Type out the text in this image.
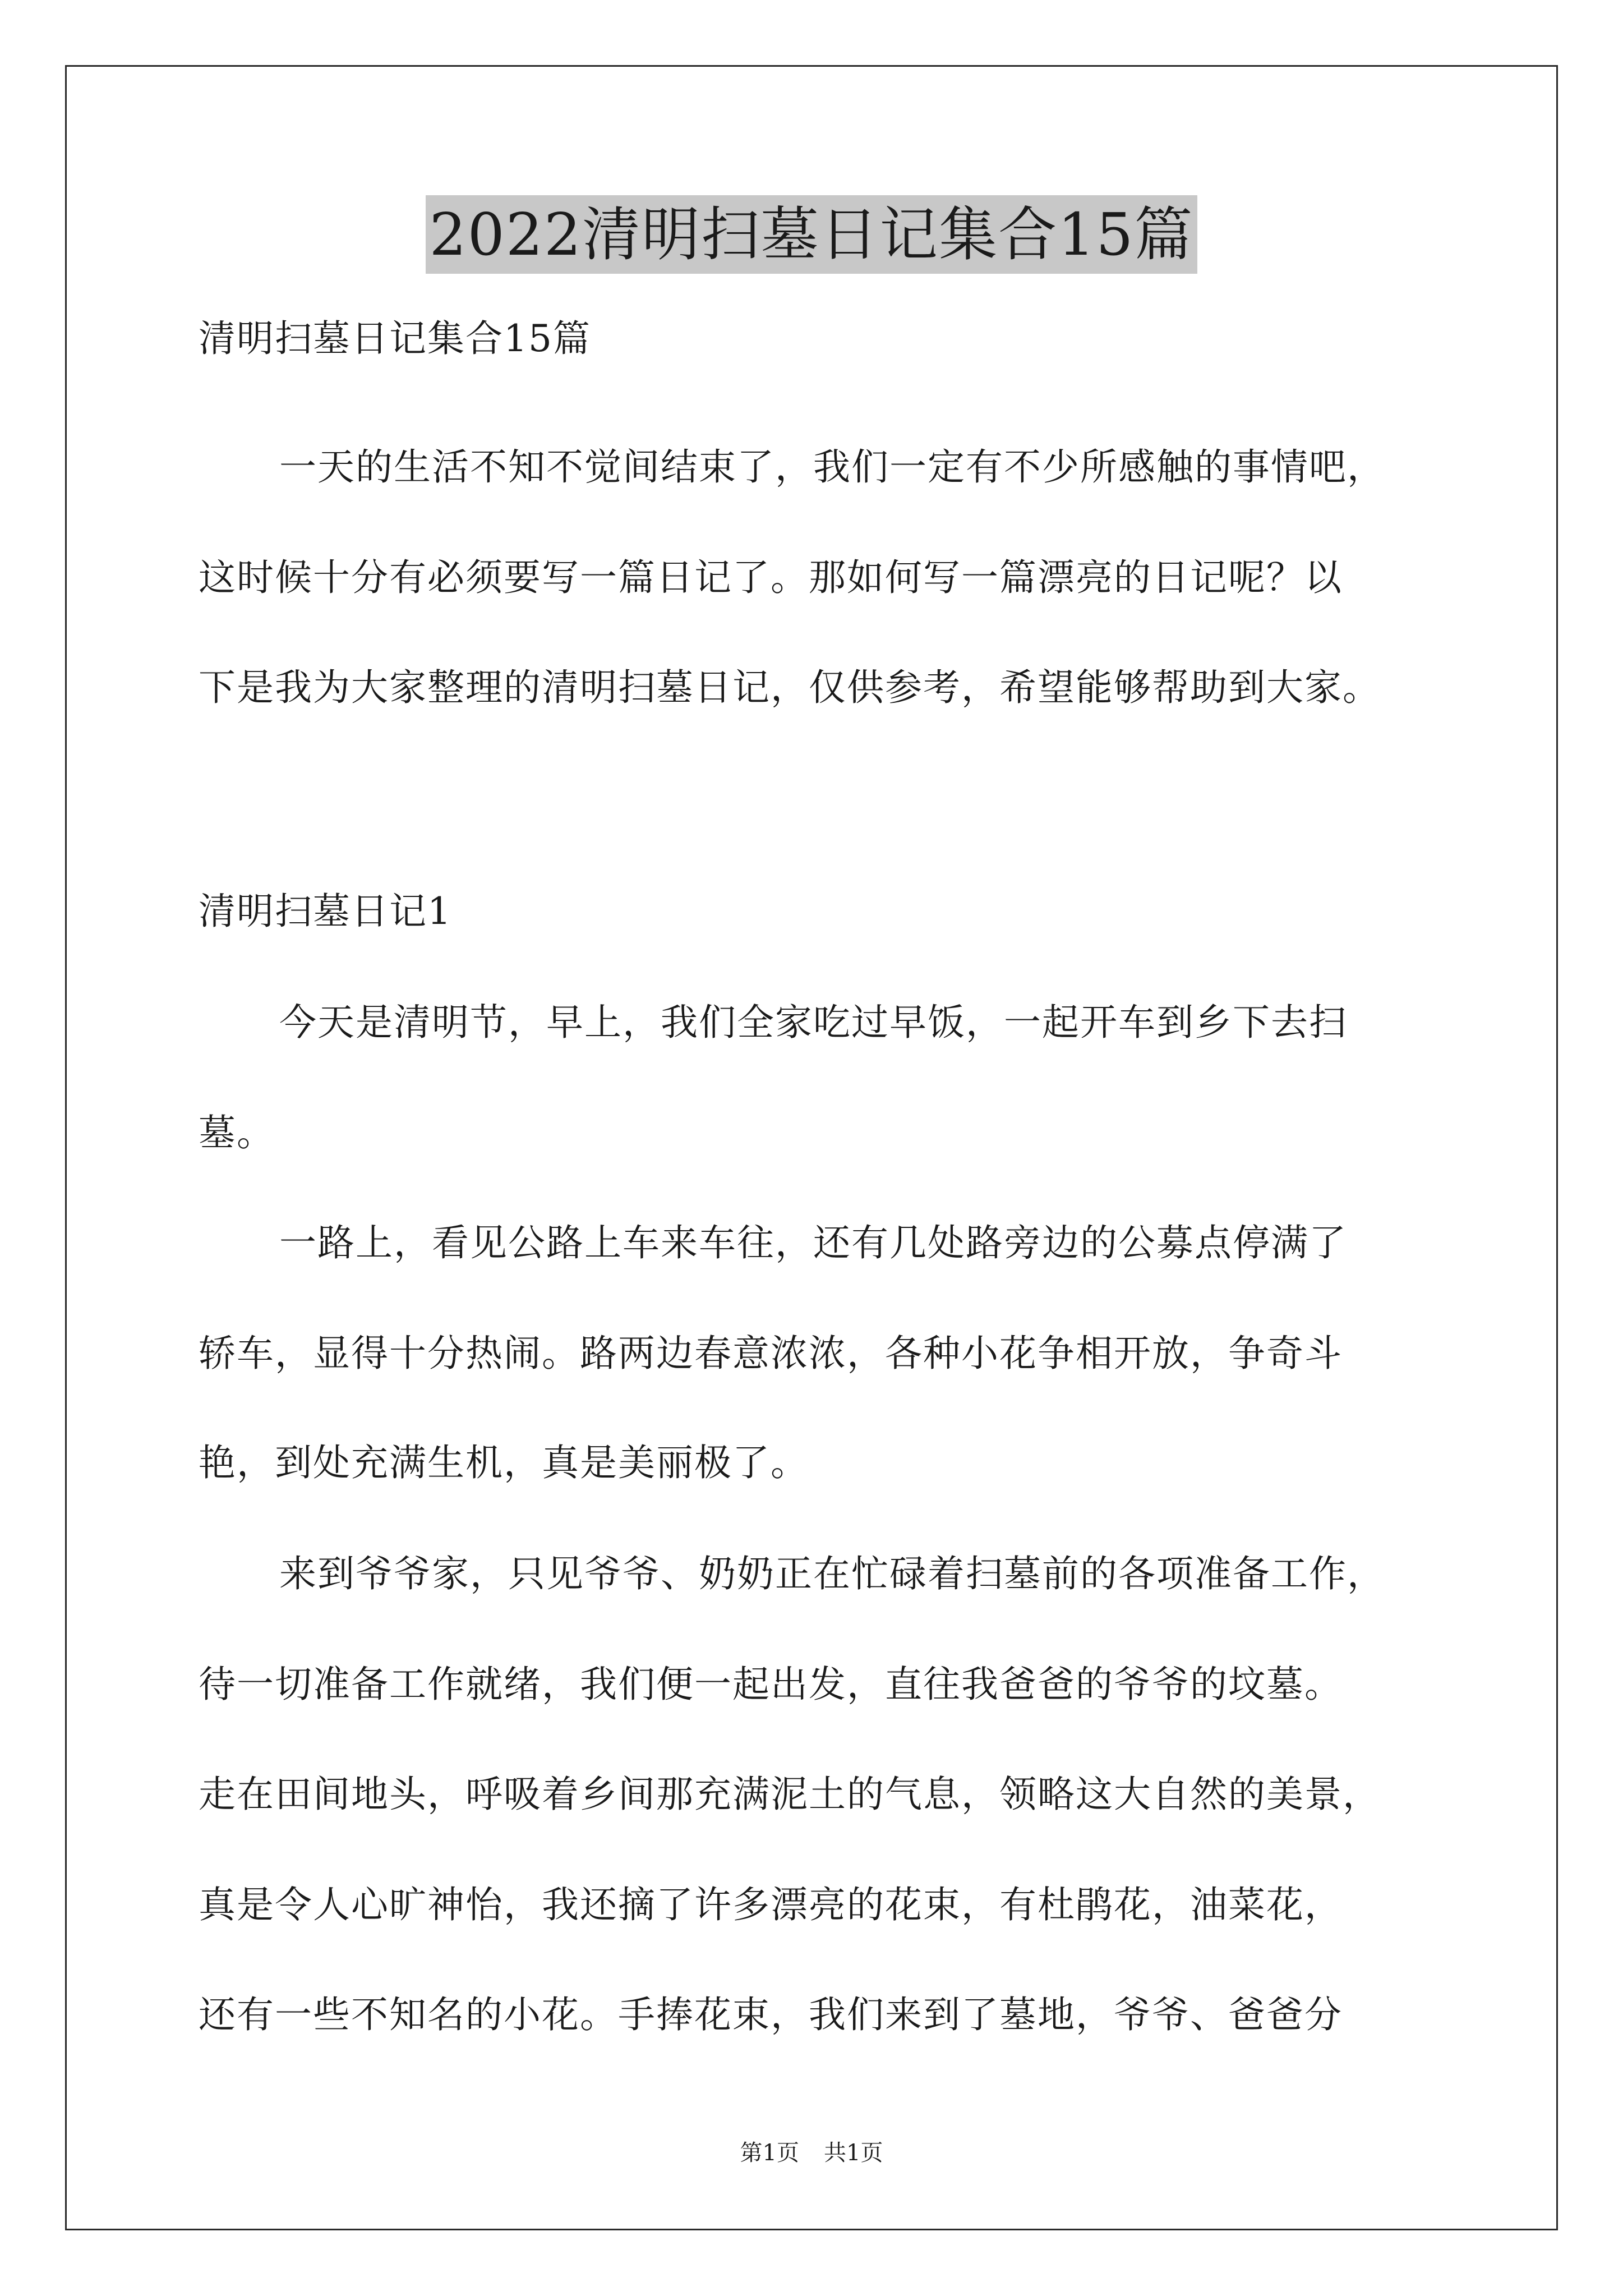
2022清明扫墓日记集合15篇
清明扫墓日记集合15篇
一天的生活不知不觉间结束了，我们一定有不少所感触的事情吧，
这时候十分有必须要写一篇日记了。那如何写一篇漂亮的日记呢？以
下是我为大家整理的清明扫墓日记，仅供参考，希望能够帮助到大家。
清明扫墓日记1
今天是清明节，早上，我们全家吃过早饭，一起开车到乡下去扫
墓。
一路上，看见公路上车来车往，还有几处路旁边的公募点停满了
轿车，显得十分热闹。路两边春意浓浓，各种小花争相开放，争奇斗
艳，到处充满生机，真是美丽极了。
来到爷爷家，只见爷爷、奶奶正在忙碌着扫墓前的各项准备工作，
待一切准备工作就绪，我们便一起出发，直往我爸爸的爷爷的坟墓。
走在田间地头，呼吸着乡间那充满泥土的气息，领略这大自然的美景，
真是令人心旷神怡，我还摘了许多漂亮的花束，有杜鹃花，油菜花，
还有一些不知名的小花。手捧花束，我们来到了墓地，爷爷、爸爸分
第1页 共1页
